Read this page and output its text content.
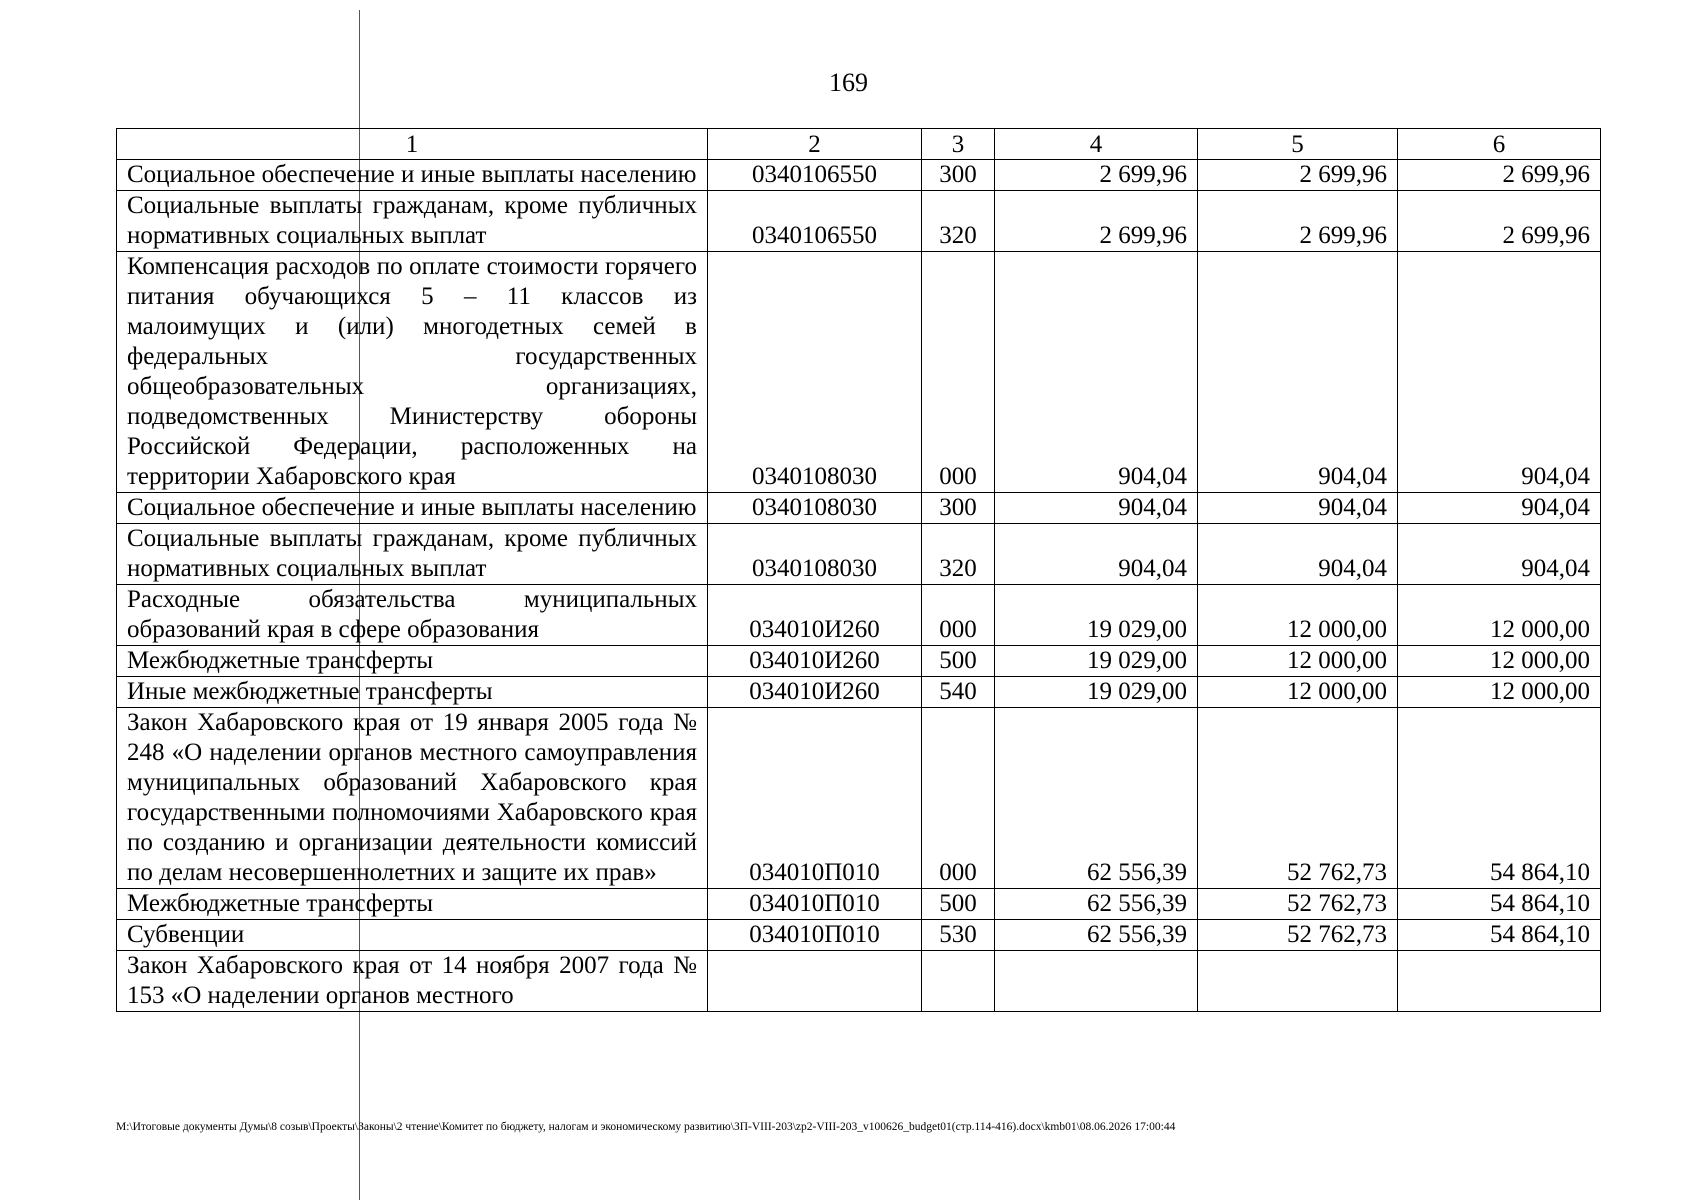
169
1	2	3	4	5	6
Социальное обеспечение и иные выплаты населению	0340106550	300	2 699,96	2 699,96	2 699,96
Социальные выплаты гражданам, кроме публичных нормативных социальных выплат	0340106550	320	2 699,96	2 699,96	2 699,96
Компенсация расходов по оплате стоимости горячего питания обучающихся 5 – 11 классов из малоимущих и (или) многодетных семей в федеральных государственных общеобразовательных организациях, подведомственных Министерству обороны Российской Федерации, расположенных на территории Хабаровского края	0340108030	000	904,04	904,04	904,04
Социальное обеспечение и иные выплаты населению	0340108030	300	904,04	904,04	904,04
Социальные выплаты гражданам, кроме публичных нормативных социальных выплат	0340108030	320	904,04	904,04	904,04
Расходные обязательства муниципальных образований края в сфере образования	034010И260	000	19 029,00	12 000,00	12 000,00
Межбюджетные трансферты	034010И260	500	19 029,00	12 000,00	12 000,00
Иные межбюджетные трансферты	034010И260	540	19 029,00	12 000,00	12 000,00
Закон Хабаровского края от 19 января 2005 года № 248 «О наделении органов местного самоуправления муниципальных образований Хабаровского края государственными полномочиями Хабаровского края по созданию и организации деятельности комиссий по делам несовершеннолетних и защите их прав»	034010П010	000	62 556,39	52 762,73	54 864,10
Межбюджетные трансферты	034010П010	500	62 556,39	52 762,73	54 864,10
Субвенции	034010П010	530	62 556,39	52 762,73	54 864,10
Закон Хабаровского края от 14 ноября 2007 года № 153 «О наделении органов местного					
M:\Итоговые документы Думы\8 созыв\Проекты\Законы\2 чтение\Комитет по бюджету, налогам и экономическому развитию\ЗП-VIII-203\zp2-VIII-203_v100626_budget01(стр.114-416).docx\kmb01\08.06.2026 17:00:44
